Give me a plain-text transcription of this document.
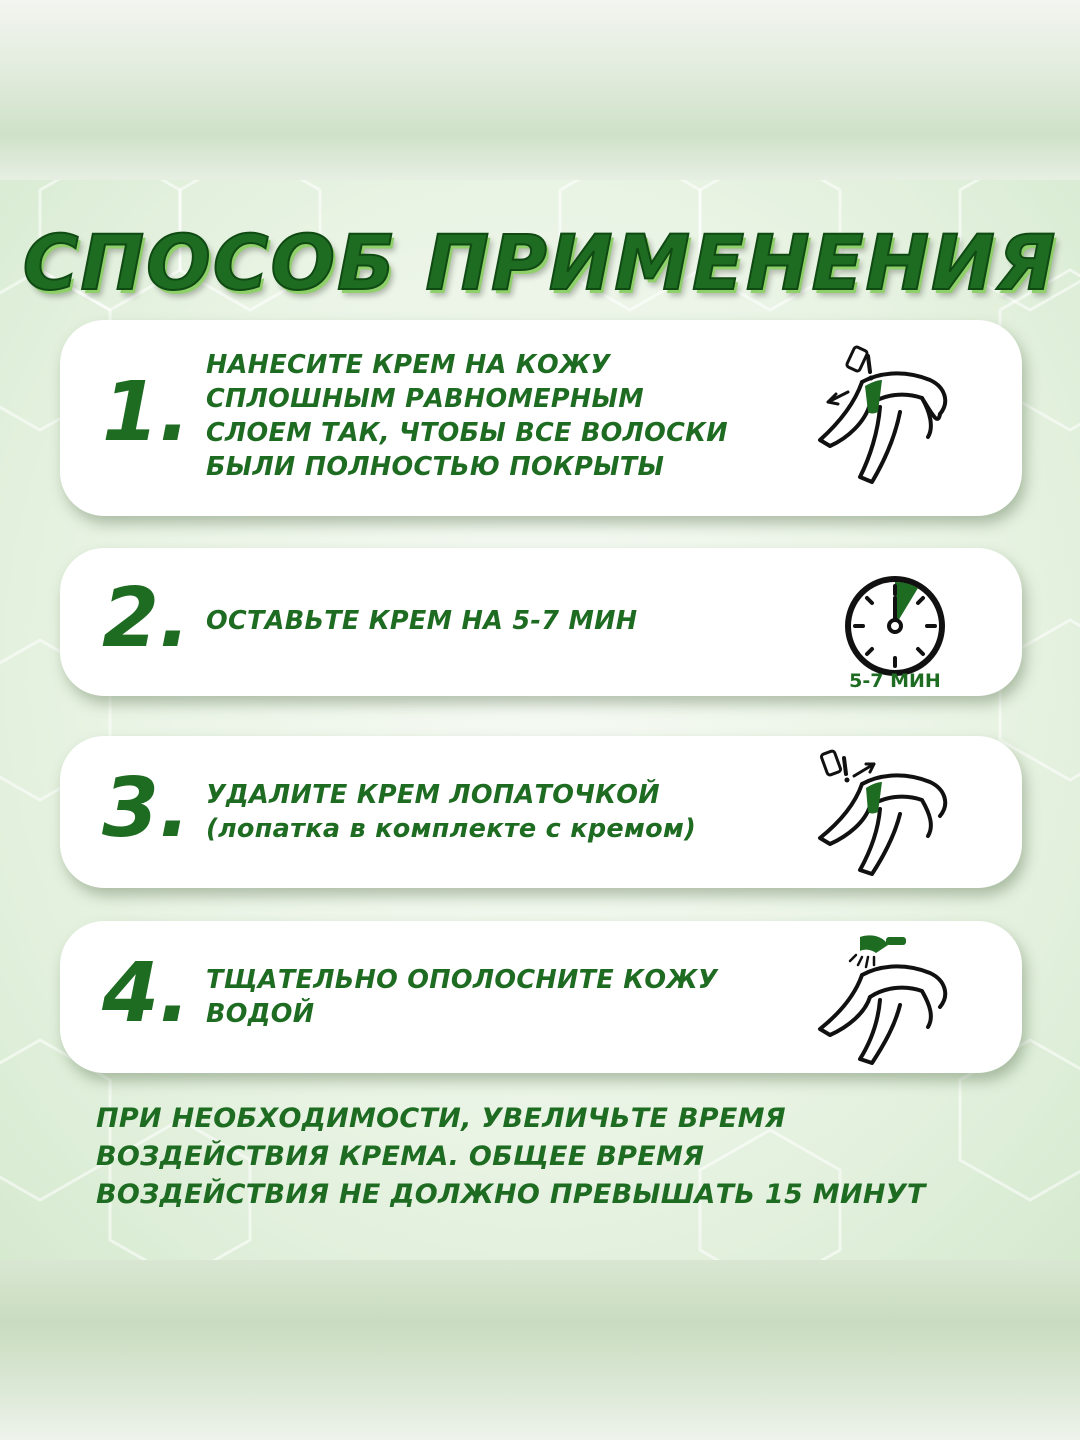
СПОСОБ ПРИМЕНЕНИЯ
1. НАНЕСИТЕ КРЕМ НА КОЖУ
СПЛОШНЫМ РАВНОМЕРНЫМ
СЛОЕМ ТАК, ЧТОБЫ ВСЕ ВОЛОСКИ
БЫЛИ ПОЛНОСТЬЮ ПОКРЫТЫ
2. ОСТАВЬТЕ КРЕМ НА 5-7 МИН
5-7 МИН
3. УДАЛИТЕ КРЕМ ЛОПАТОЧКОЙ
(лопатка в комплекте с кремом)
4. ТЩАТЕЛЬНО ОПОЛОСНИТЕ КОЖУ
ВОДОЙ
ПРИ НЕОБХОДИМОСТИ, УВЕЛИЧЬТЕ ВРЕМЯ
ВОЗДЕЙСТВИЯ КРЕМА. ОБЩЕЕ ВРЕМЯ
ВОЗДЕЙСТВИЯ НЕ ДОЛЖНО ПРЕВЫШАТЬ 15 МИНУТ
